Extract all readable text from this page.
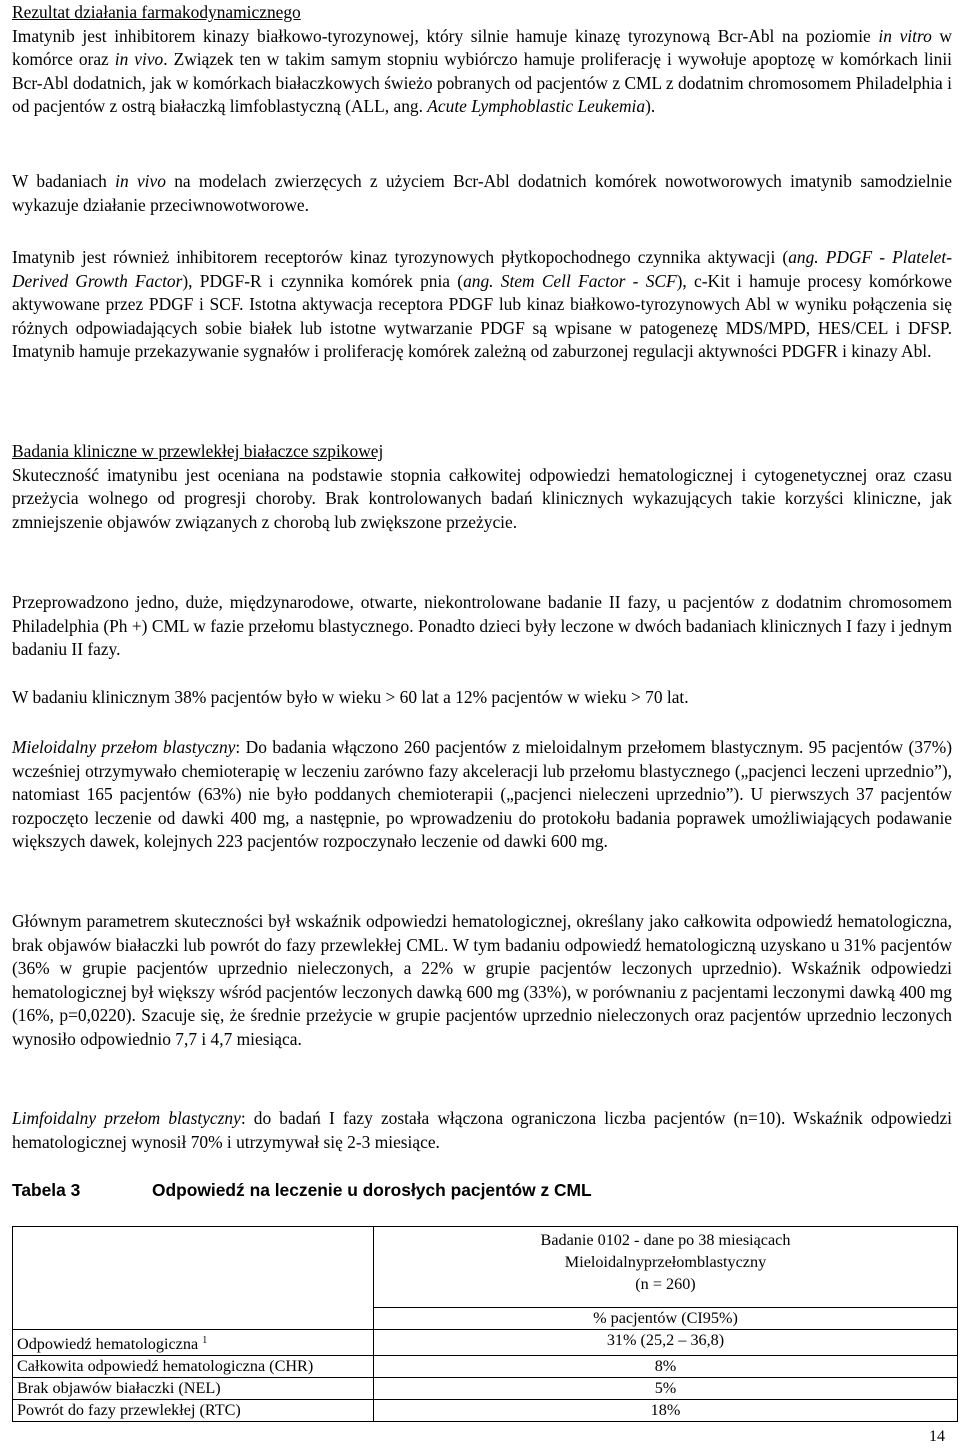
Rezultat działania farmakodynamicznego

Imatynib jest inhibitorem kinazy białkowo-tyrozynowej, który silnie hamuje kinazę tyrozynową Bcr-Abl na poziomie in vitro w komórce oraz in vivo. Związek ten w takim samym stopniu wybiórczo hamuje proliferację i wywołuje apoptozę w komórkach linii Bcr-Abl dodatnich, jak w komórkach białaczkowych świeżo pobranych od pacjentów z CML z dodatnim chromosomem Philadelphia i od pacjentów z ostrą białaczką limfoblastyczną (ALL, ang. Acute Lymphoblastic Leukemia).

W badaniach in vivo na modelach zwierzęcych z użyciem Bcr-Abl dodatnich komórek nowotworowych imatynib samodzielnie wykazuje działanie przeciwnowotworowe.

Imatynib jest również inhibitorem receptorów kinaz tyrozynowych płytkopochodnego czynnika aktywacji (ang. PDGF - Platelet-Derived Growth Factor), PDGF-R i czynnika komórek pnia (ang. Stem Cell Factor - SCF), c-Kit i hamuje procesy komórkowe aktywowane przez PDGF i SCF. Istotna aktywacja receptora PDGF lub kinaz białkowo-tyrozynowych Abl w wyniku połączenia się różnych odpowiadających sobie białek lub istotne wytwarzanie PDGF są wpisane w patogenezę MDS/MPD, HES/CEL i DFSP. Imatynib hamuje przekazywanie sygnałów i proliferację komórek zależną od zaburzonej regulacji aktywności PDGFR i kinazy Abl.

Badania kliniczne w przewlekłej białaczce szpikowej

Skuteczność imatynibu jest oceniana na podstawie stopnia całkowitej odpowiedzi hematologicznej i cytogenetycznej oraz czasu przeżycia wolnego od progresji choroby. Brak kontrolowanych badań klinicznych wykazujących takie korzyści kliniczne, jak zmniejszenie objawów związanych z chorobą lub zwiększone przeżycie.

Przeprowadzono jedno, duże, międzynarodowe, otwarte, niekontrolowane badanie II fazy, u pacjentów z dodatnim chromosomem Philadelphia (Ph +) CML w fazie przełomu blastycznego. Ponadto dzieci były leczone w dwóch badaniach klinicznych I fazy i jednym badaniu II fazy.

W badaniu klinicznym 38% pacjentów było w wieku > 60 lat a 12% pacjentów w wieku > 70 lat.

Mieloidalny przełom blastyczny: Do badania włączono 260 pacjentów z mieloidalnym przełomem blastycznym. 95 pacjentów (37%) wcześniej otrzymywało chemioterapię w leczeniu zarówno fazy akceleracji lub przełomu blastycznego („pacjenci leczeni uprzednio”), natomiast 165 pacjentów (63%) nie było poddanych chemioterapii („pacjenci nieleczeni uprzednio”). U pierwszych 37 pacjentów rozpoczęto leczenie od dawki 400 mg, a następnie, po wprowadzeniu do protokołu badania poprawek umożliwiających podawanie większych dawek, kolejnych 223 pacjentów rozpoczynało leczenie od dawki 600 mg.

Głównym parametrem skuteczności był wskaźnik odpowiedzi hematologicznej, określany jako całkowita odpowiedź hematologiczna, brak objawów białaczki lub powrót do fazy przewlekłej CML. W tym badaniu odpowiedź hematologiczną uzyskano u 31% pacjentów (36% w grupie pacjentów uprzednio nieleczonych, a 22% w grupie pacjentów leczonych uprzednio). Wskaźnik odpowiedzi hematologicznej był większy wśród pacjentów leczonych dawką 600 mg (33%), w porównaniu z pacjentami leczonymi dawką 400 mg (16%, p=0,0220). Szacuje się, że średnie przeżycie w grupie pacjentów uprzednio nieleczonych oraz pacjentów uprzednio leczonych wynosiło odpowiednio 7,7 i 4,7 miesiąca.

Limfoidalny przełom blastyczny: do badań I fazy została włączona ograniczona liczba pacjentów (n=10). Wskaźnik odpowiedzi hematologicznej wynosił 70% i utrzymywał się 2-3 miesiące.

Tabela 3	Odpowiedź na leczenie u dorosłych pacjentów z CML

	Badanie 0102 - dane po 38 miesiącach
Mieloidalnyprzełomblastyczny
(n = 260)

	% pacjentów (CI95%)
Odpowiedź hematologiczna $^1$	31% (25,2 – 36,8)
Całkowita odpowiedź hematologiczna (CHR)	8%
Brak objawów białaczki (NEL)	5%
Powrót do fazy przewlekłej (RTC)	18%
14
